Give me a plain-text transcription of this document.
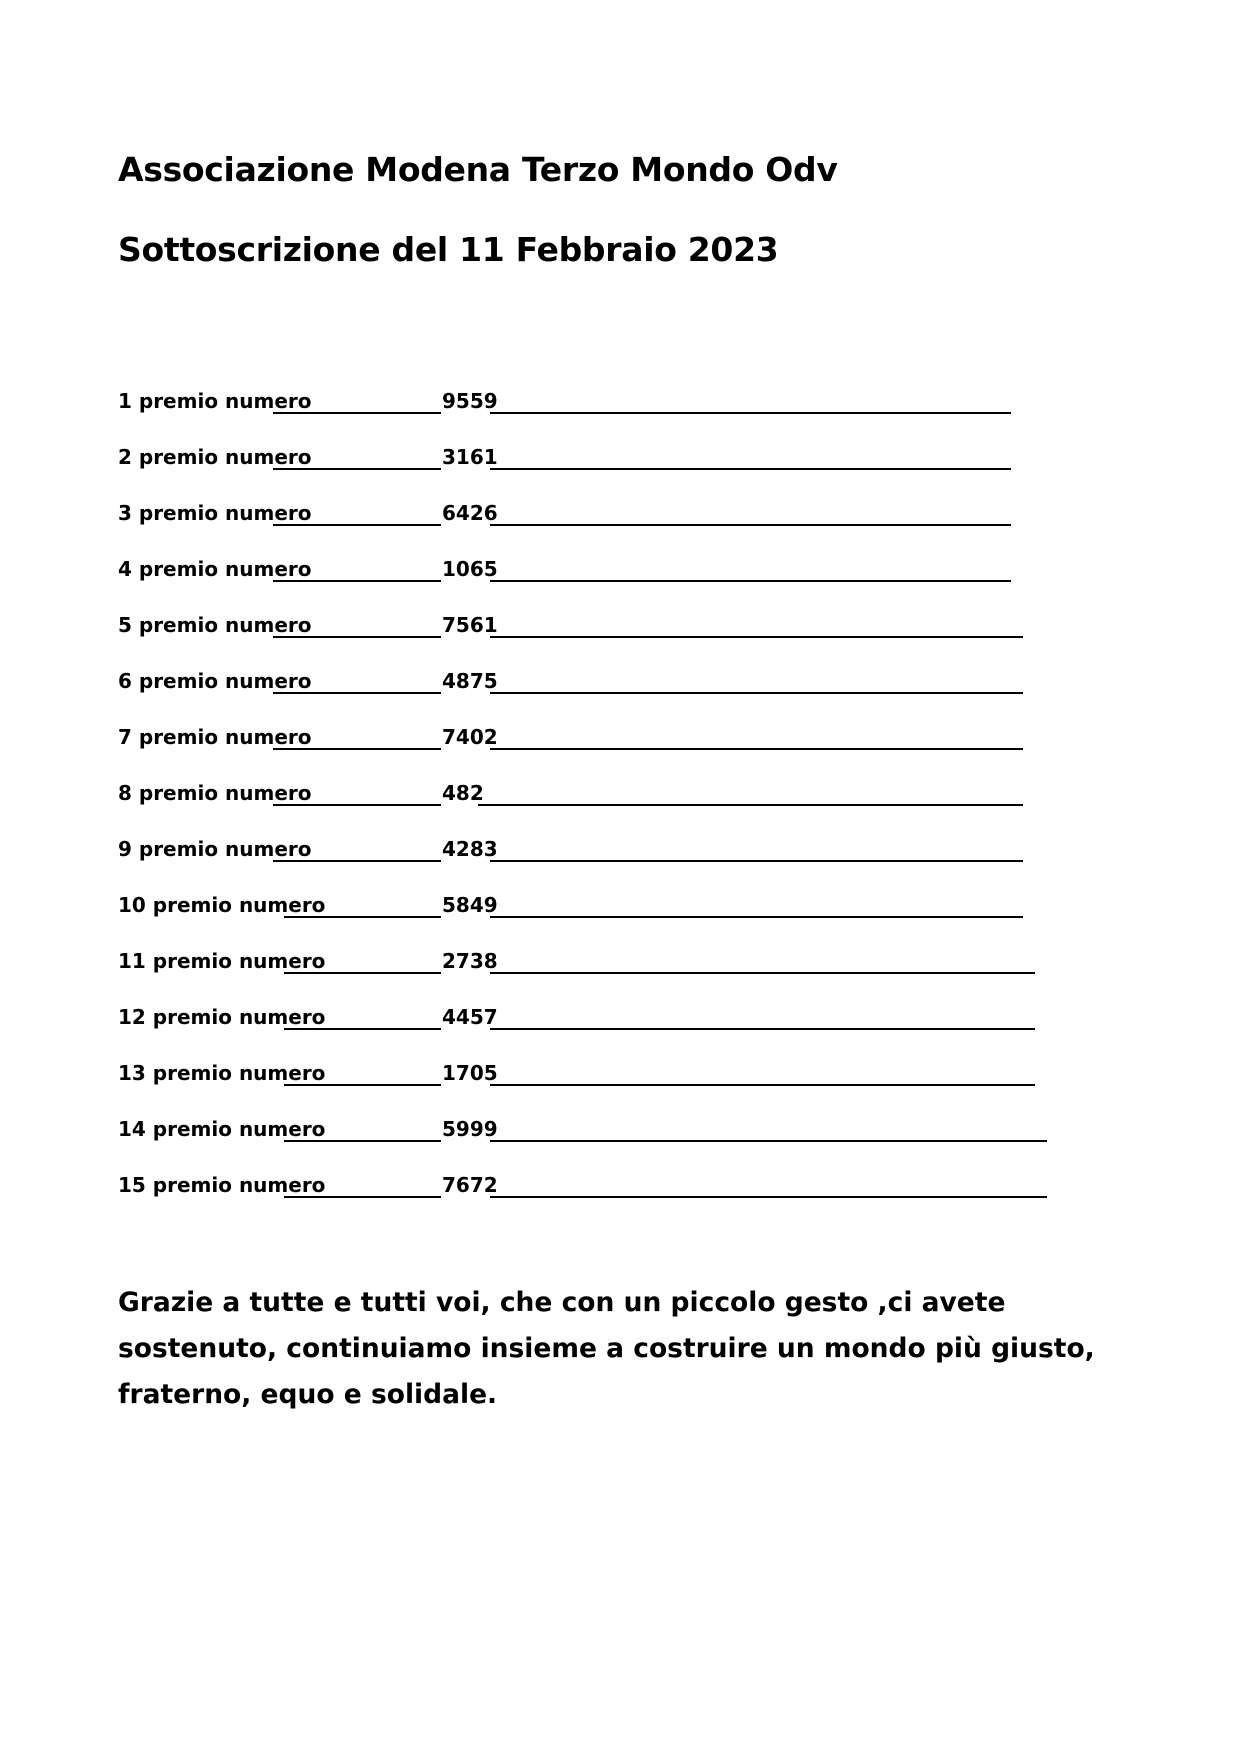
Associazione Modena Terzo Mondo Odv
Sottoscrizione del 11 Febbraio 2023
1 premio numero	9559
2 premio numero	3161
3 premio numero	6426
4 premio numero	1065
5 premio numero	7561
6 premio numero	4875
7 premio numero	7402
8 premio numero	482
9 premio numero	4283
10 premio numero	5849
11 premio numero	2738
12 premio numero	4457
13 premio numero	1705
14 premio numero	5999
15 premio numero	7672

Grazie a tutte e tutti voi, che con un piccolo gesto ,ci avete sostenuto, continuiamo insieme a costruire un mondo più giusto, fraterno, equo e solidale.
